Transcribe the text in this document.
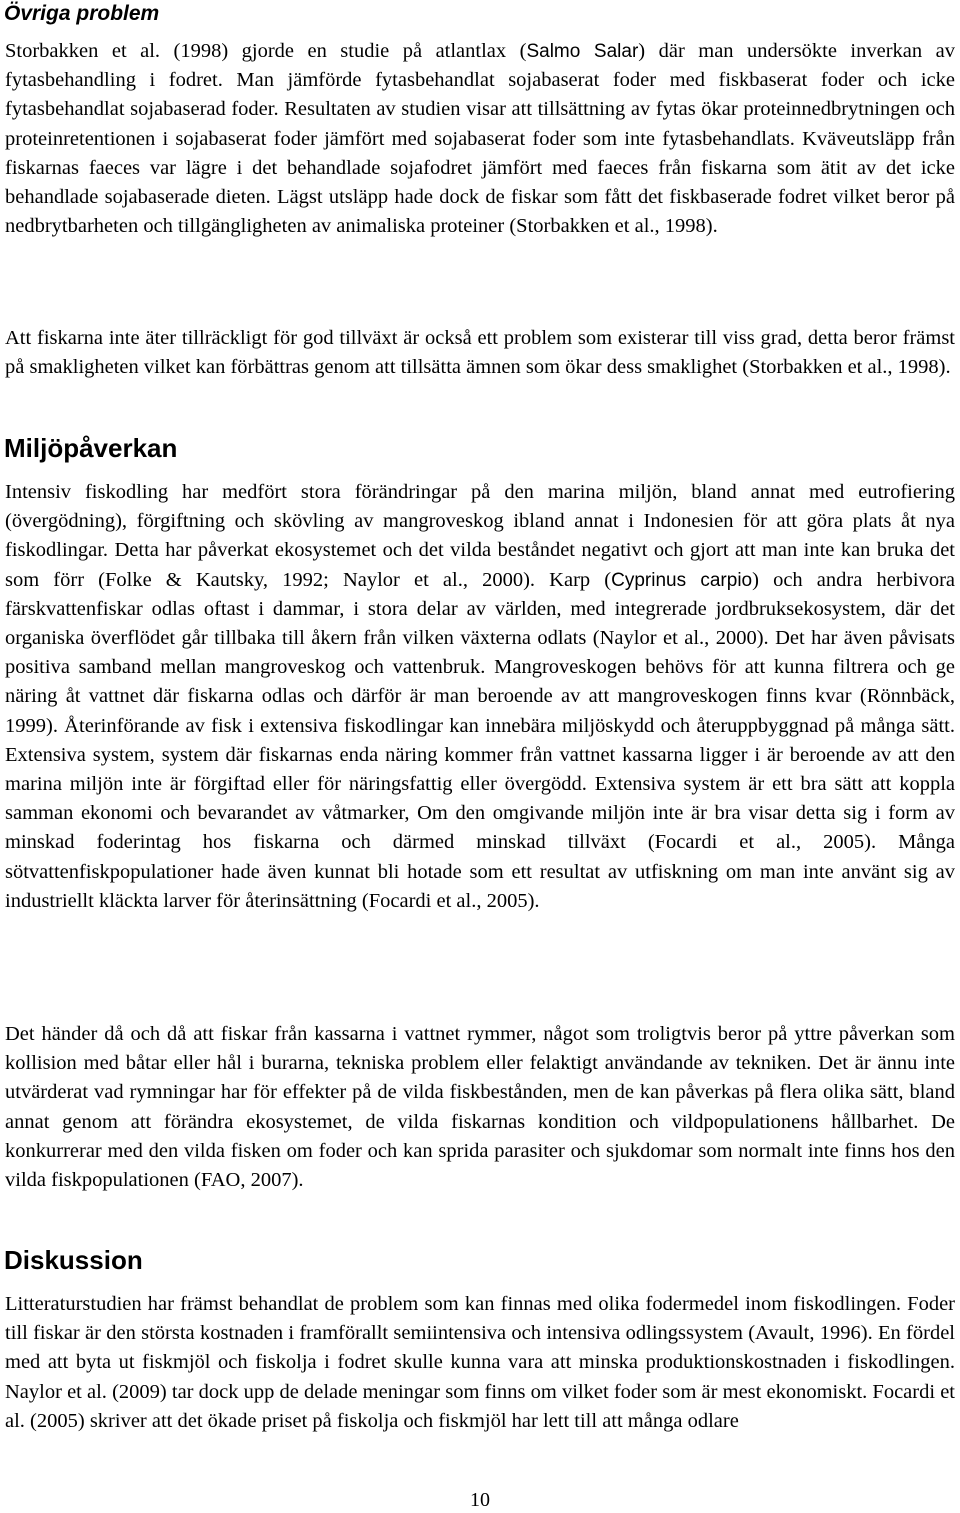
Övriga problem

Storbakken et al. (1998) gjorde en studie på atlantlax (Salmo Salar) där man undersökte inverkan av fytasbehandling i fodret. Man jämförde fytasbehandlat sojabaserat foder med fiskbaserat foder och icke fytasbehandlat sojabaserad foder. Resultaten av studien visar att tillsättning av fytas ökar proteinnedbrytningen och proteinretentionen i sojabaserat foder jämfört med sojabaserat foder som inte fytasbehandlats. Kväveutsläpp från fiskarnas faeces var lägre i det behandlade sojafodret jämfört med faeces från fiskarna som ätit av det icke behandlade sojabaserade dieten. Lägst utsläpp hade dock de fiskar som fått det fiskbaserade fodret vilket beror på nedbrytbarheten och tillgängligheten av animaliska proteiner (Storbakken et al., 1998).

Att fiskarna inte äter tillräckligt för god tillväxt är också ett problem som existerar till viss grad, detta beror främst på smakligheten vilket kan förbättras genom att tillsätta ämnen som ökar dess smaklighet (Storbakken et al., 1998).

Miljöpåverkan

Intensiv fiskodling har medfört stora förändringar på den marina miljön, bland annat med eutrofiering (övergödning), förgiftning och skövling av mangroveskog ibland annat i Indonesien för att göra plats åt nya fiskodlingar. Detta har påverkat ekosystemet och det vilda beståndet negativt och gjort att man inte kan bruka det som förr (Folke & Kautsky, 1992; Naylor et al., 2000). Karp (Cyprinus carpio) och andra herbivora färskvattenfiskar odlas oftast i dammar, i stora delar av världen, med integrerade jordbruksekosystem, där det organiska överflödet går tillbaka till åkern från vilken växterna odlats (Naylor et al., 2000). Det har även påvisats positiva samband mellan mangroveskog och vattenbruk. Mangroveskogen behövs för att kunna filtrera och ge näring åt vattnet där fiskarna odlas och därför är man beroende av att mangroveskogen finns kvar (Rönnbäck, 1999). Återinförande av fisk i extensiva fiskodlingar kan innebära miljöskydd och återuppbyggnad på många sätt. Extensiva system, system där fiskarnas enda näring kommer från vattnet kassarna ligger i är beroende av att den marina miljön inte är förgiftad eller för näringsfattig eller övergödd. Extensiva system är ett bra sätt att koppla samman ekonomi och bevarandet av våtmarker, Om den omgivande miljön inte är bra visar detta sig i form av minskad foderintag hos fiskarna och därmed minskad tillväxt (Focardi et al., 2005). Många sötvattenfiskpopulationer hade även kunnat bli hotade som ett resultat av utfiskning om man inte använt sig av industriellt kläckta larver för återinsättning (Focardi et al., 2005).

Det händer då och då att fiskar från kassarna i vattnet rymmer, något som troligtvis beror på yttre påverkan som kollision med båtar eller hål i burarna, tekniska problem eller felaktigt användande av tekniken. Det är ännu inte utvärderat vad rymningar har för effekter på de vilda fiskbestånden, men de kan påverkas på flera olika sätt, bland annat genom att förändra ekosystemet, de vilda fiskarnas kondition och vildpopulationens hållbarhet. De konkurrerar med den vilda fisken om foder och kan sprida parasiter och sjukdomar som normalt inte finns hos den vilda fiskpopulationen (FAO, 2007).

Diskussion

Litteraturstudien har främst behandlat de problem som kan finnas med olika fodermedel inom fiskodlingen. Foder till fiskar är den största kostnaden i framförallt semiintensiva och intensiva odlingssystem (Avault, 1996). En fördel med att byta ut fiskmjöl och fiskolja i fodret skulle kunna vara att minska produktionskostnaden i fiskodlingen. Naylor et al. (2009) tar dock upp de delade meningar som finns om vilket foder som är mest ekonomiskt. Focardi et al. (2005) skriver att det ökade priset på fiskolja och fiskmjöl har lett till att många odlare

10
